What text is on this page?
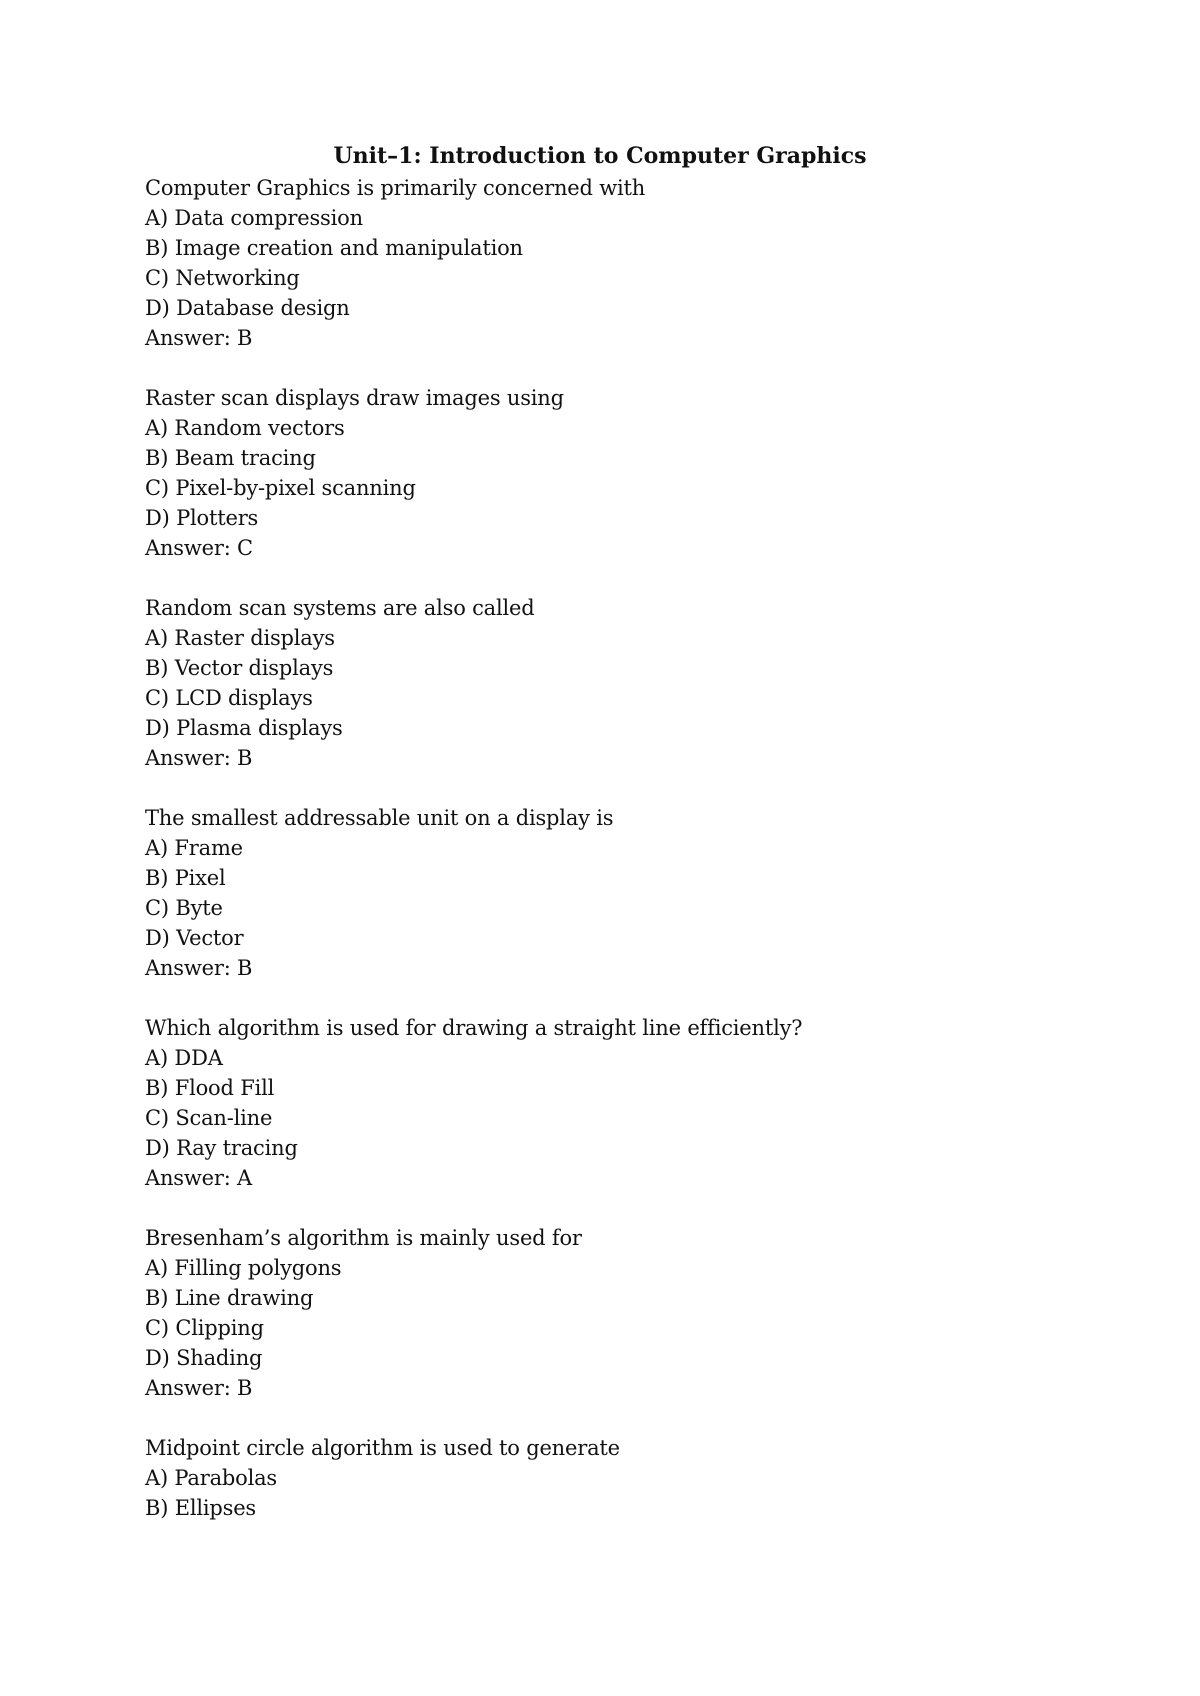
Unit–1: Introduction to Computer Graphics
Computer Graphics is primarily concerned with
A) Data compression
B) Image creation and manipulation
C) Networking
D) Database design
Answer: B
Raster scan displays draw images using
A) Random vectors
B) Beam tracing
C) Pixel-by-pixel scanning
D) Plotters
Answer: C
Random scan systems are also called
A) Raster displays
B) Vector displays
C) LCD displays
D) Plasma displays
Answer: B
The smallest addressable unit on a display is
A) Frame
B) Pixel
C) Byte
D) Vector
Answer: B
Which algorithm is used for drawing a straight line efficiently?
A) DDA
B) Flood Fill
C) Scan-line
D) Ray tracing
Answer: A
Bresenham’s algorithm is mainly used for
A) Filling polygons
B) Line drawing
C) Clipping
D) Shading
Answer: B
Midpoint circle algorithm is used to generate
A) Parabolas
B) Ellipses
